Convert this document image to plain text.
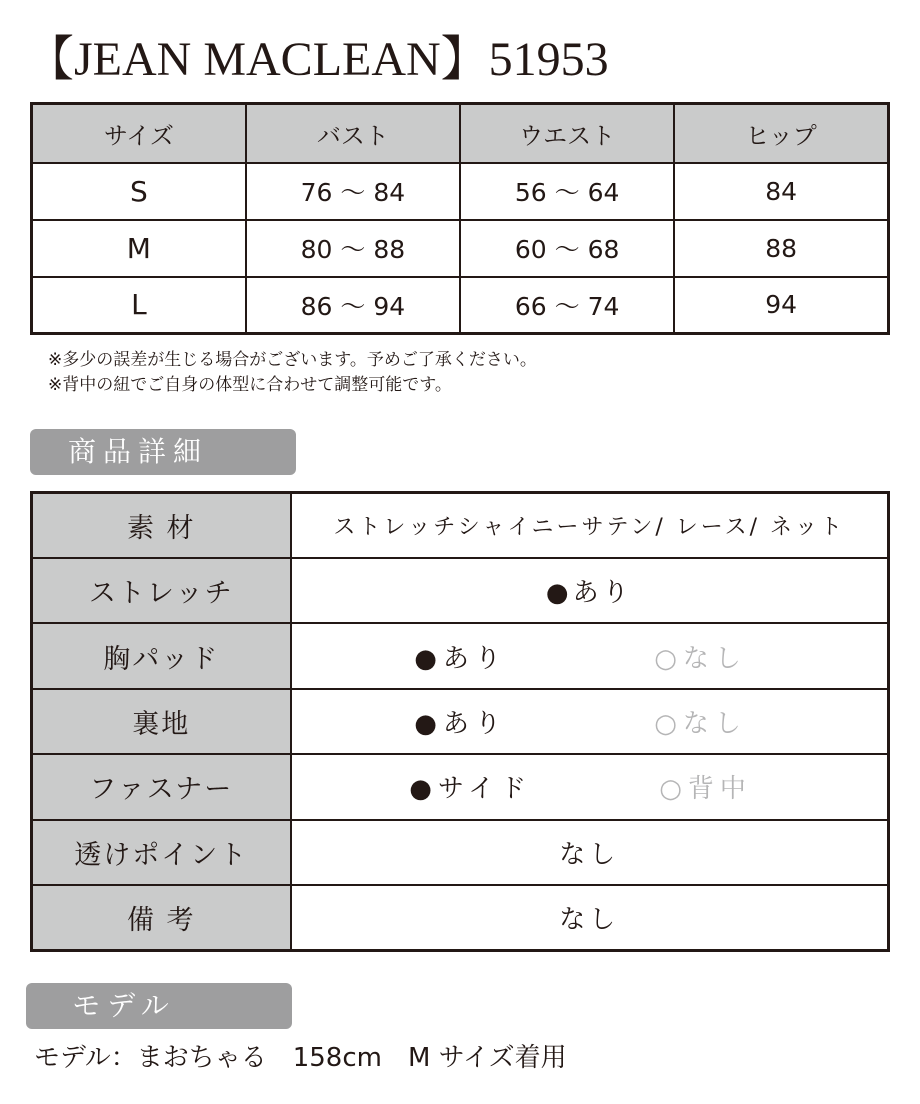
【JEAN MACLEAN】51953
サイズ	バスト	ウエスト	ヒップ
S	76 ～ 84	56 ～ 64	84
M	80 ～ 88	60 ～ 68	88
L	86 ～ 94	66 ～ 74	94
※多少の誤差が生じる場合がございます。予めご了承ください。
※背中の紐でご自身の体型に合わせて調整可能です。
商品詳細
素 材	ストレッチシャイニーサテン/ レース/ ネット
ストレッチ	●あり
胸パッド	●あり ○なし
裏地	●あり ○なし
ファスナー	●サイド ○背中
透けポイント	なし
備 考	なし
モデル
モデル：まおちゃる　158cm　M サイズ着用
